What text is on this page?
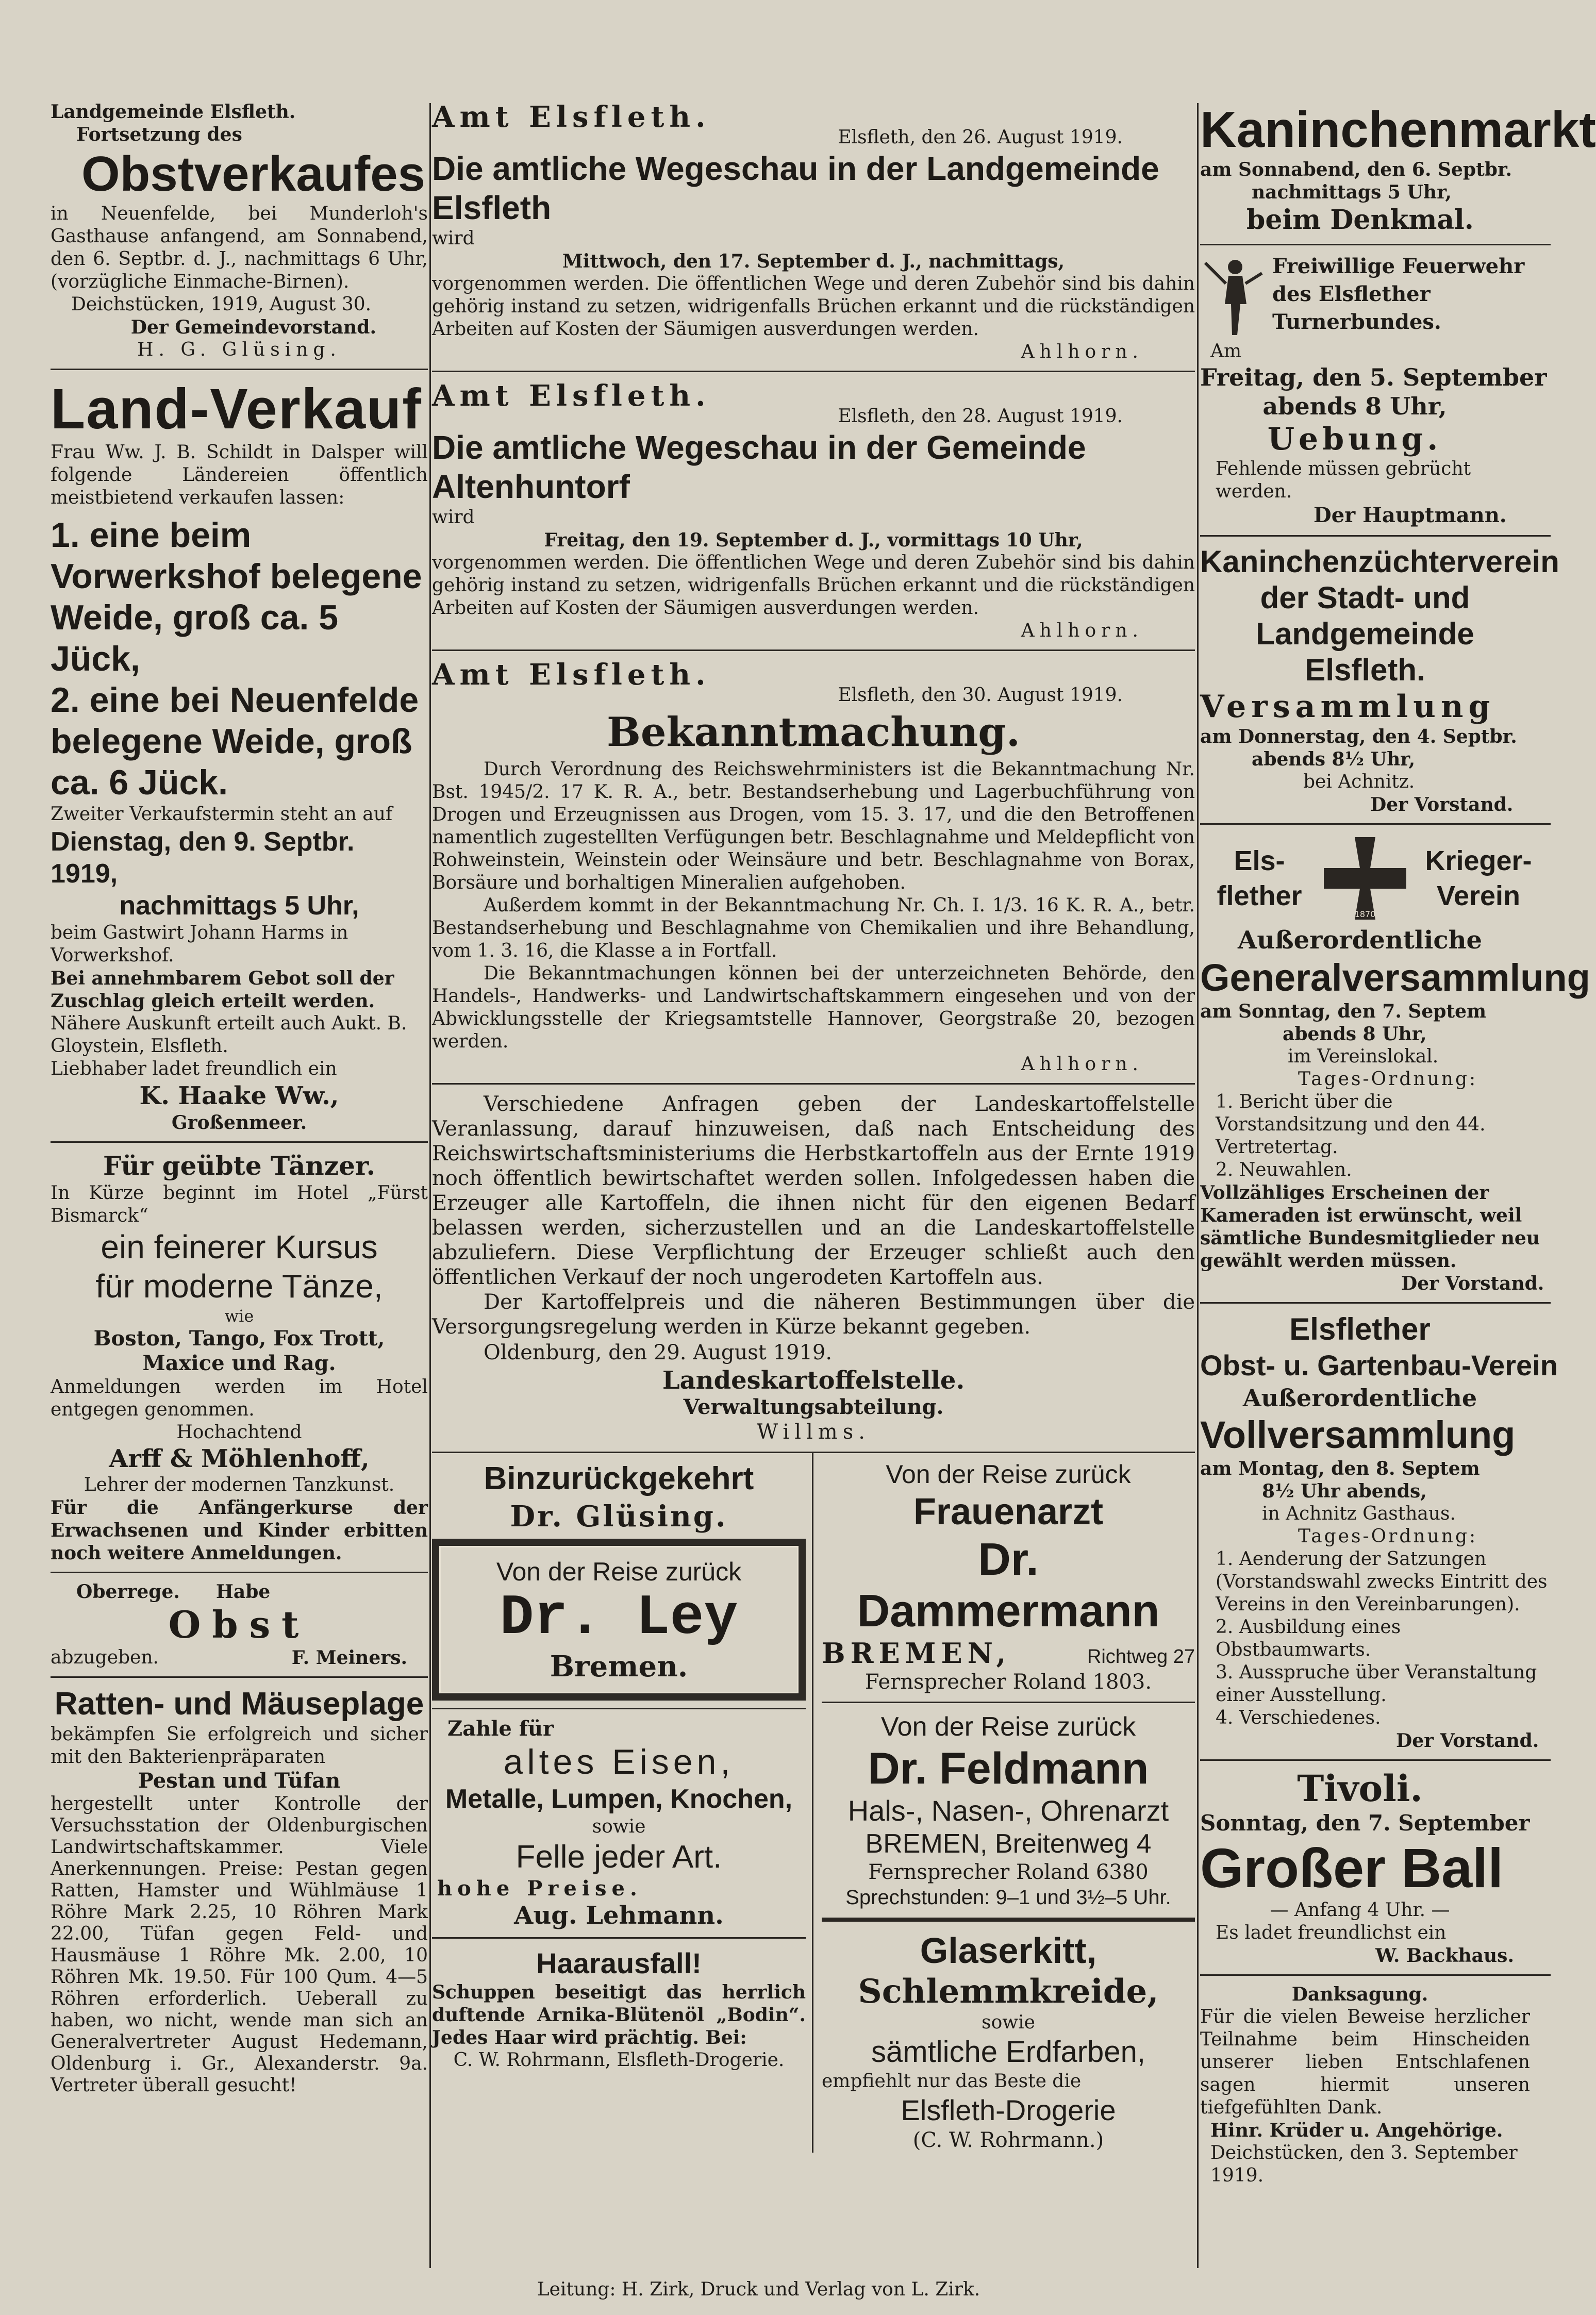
Landgemeinde Elsfleth.

Fortsetzung des

Obstverkaufes

in Neuenfelde, bei Munderloh's Gasthause anfangend, am Sonnabend, den 6. Septbr. d. J., nachmittags 6 Uhr, (vorzügliche Einmache-Birnen).

Deichstücken, 1919, August 30.

Der Gemeindevorstand.

H. G. Glüsing.

Land-Verkauf

Frau Ww. J. B. Schildt in Dalsper will folgende Ländereien öffentlich meistbietend verkaufen lassen:

1. eine beim Vorwerkshof belegene Weide, groß ca. 5 Jück,

2. eine bei Neuenfelde belegene Weide, groß ca. 6 Jück.

Zweiter Verkaufstermin steht an auf

Dienstag, den 9. Septbr. 1919,

nachmittags 5 Uhr,

beim Gastwirt Johann Harms in Vorwerkshof.

Bei annehmbarem Gebot soll der Zuschlag gleich erteilt werden.

Nähere Auskunft erteilt auch Aukt. B. Gloystein, Elsfleth.

Liebhaber ladet freundlich ein

K. Haake Ww.,

Großenmeer.

Für geübte Tänzer.

In Kürze beginnt im Hotel „Fürst Bismarck“

ein feinerer Kursus

für moderne Tänze,

wie

Boston, Tango, Fox Trott, Maxice und Rag.

Anmeldungen werden im Hotel entgegen genommen.

Hochachtend

Arff & Möhlenhoff,

Lehrer der modernen Tanzkunst.

Für die Anfängerkurse der Erwachsenen und Kinder erbitten noch weitere Anmeldungen.

Oberrege. Habe

Obst

abzugeben.	F. Meiners.

Ratten- und Mäuseplage

bekämpfen Sie erfolgreich und sicher mit den Bakterienpräparaten

Pestan und Tüfan

hergestellt unter Kontrolle der Versuchsstation der Oldenburgischen Landwirtschaftskammer. Viele Anerkennungen. Preise: Pestan gegen Ratten, Hamster und Wühlmäuse 1 Röhre Mark 2.25, 10 Röhren Mark 22.00, Tüfan gegen Feld- und Hausmäuse 1 Röhre Mk. 2.00, 10 Röhren Mk. 19.50. Für 100 Qum. 4—5 Röhren erforderlich. Ueberall zu haben, wo nicht, wende man sich an Generalvertreter August Hedemann, Oldenburg i. Gr., Alexanderstr. 9a. Vertreter überall gesucht!

Amt Elsfleth.

Elsfleth, den 26. August 1919.

Die amtliche Wegeschau in der Landgemeinde Elsfleth

wird

Mittwoch, den 17. September d. J., nachmittags,

vorgenommen werden. Die öffentlichen Wege und deren Zubehör sind bis dahin gehörig instand zu setzen, widrigenfalls Brüchen erkannt und die rückständigen Arbeiten auf Kosten der Säumigen ausverdungen werden.

Ahlhorn.

Amt Elsfleth.

Elsfleth, den 28. August 1919.

Die amtliche Wegeschau in der Gemeinde Altenhuntorf

wird

Freitag, den 19. September d. J., vormittags 10 Uhr,

vorgenommen werden. Die öffentlichen Wege und deren Zubehör sind bis dahin gehörig instand zu setzen, widrigenfalls Brüchen erkannt und die rückständigen Arbeiten auf Kosten der Säumigen ausverdungen werden.

Ahlhorn.

Amt Elsfleth.

Elsfleth, den 30. August 1919.

Bekanntmachung.

Durch Verordnung des Reichswehrministers ist die Bekanntmachung Nr. Bst. 1945/2. 17 K. R. A., betr. Bestandserhebung und Lagerbuchführung von Drogen und Erzeugnissen aus Drogen, vom 15. 3. 17, und die den Betroffenen namentlich zugestellten Verfügungen betr. Beschlagnahme und Meldepflicht von Rohweinstein, Weinstein oder Weinsäure und betr. Beschlagnahme von Borax, Borsäure und borhaltigen Mineralien aufgehoben.

Außerdem kommt in der Bekanntmachung Nr. Ch. I. 1/3. 16 K. R. A., betr. Bestandserhebung und Beschlagnahme von Chemikalien und ihre Behandlung, vom 1. 3. 16, die Klasse a in Fortfall.

Die Bekanntmachungen können bei der unterzeichneten Behörde, den Handels-, Handwerks- und Landwirtschaftskammern eingesehen und von der Abwicklungsstelle der Kriegsamtstelle Hannover, Georgstraße 20, bezogen werden.

Ahlhorn.

Verschiedene Anfragen geben der Landeskartoffelstelle Veranlassung, darauf hinzuweisen, daß nach Entscheidung des Reichswirtschaftsministeriums die Herbstkartoffeln aus der Ernte 1919 noch öffentlich bewirtschaftet werden sollen. Infolgedessen haben die Erzeuger alle Kartoffeln, die ihnen nicht für den eigenen Bedarf belassen werden, sicherzustellen und an die Landeskartoffelstelle abzuliefern. Diese Verpflichtung der Erzeuger schließt auch den öffentlichen Verkauf der noch ungerodeten Kartoffeln aus.

Der Kartoffelpreis und die näheren Bestimmungen über die Versorgungsregelung werden in Kürze bekannt gegeben.

Oldenburg, den 29. August 1919.

Landeskartoffelstelle.

Verwaltungsabteilung.

Willms.

Binzurückgekehrt

Dr. Glüsing.

Von der Reise zurück

Dr. Ley

Bremen.

Zahle für

altes Eisen,

Metalle, Lumpen, Knochen,

sowie

Felle jeder Art.

hohe Preise.

Aug. Lehmann.

Haarausfall!

Schuppen beseitigt das herrlich duftende Arnika-Blütenöl „Bodin“. Jedes Haar wird prächtig. Bei:

C. W. Rohrmann, Elsfleth-Drogerie.

Von der Reise zurück

Frauenarzt

Dr. Dammermann

BREMEN,	Richtweg 27

Fernsprecher Roland 1803.

Von der Reise zurück

Dr. Feldmann

Hals-, Nasen-, Ohrenarzt

BREMEN, Breitenweg 4

Fernsprecher Roland 6380

Sprechstunden: 9–1 und 3½–5 Uhr.

Glaserkitt,

Schlemmkreide,

sowie

sämtliche Erdfarben,

empfiehlt nur das Beste die

Elsfleth-Drogerie

(C. W. Rohrmann.)

Kaninchenmarkt

am Sonnabend, den 6. Septbr.

nachmittags 5 Uhr,

beim Denkmal.

Freiwillige Feuerwehr des Elsflether Turnerbundes.

Am

Freitag, den 5. September

abends 8 Uhr,

Uebung.

Fehlende müssen gebrücht werden.

Der Hauptmann.

Kaninchenzüchterverein der Stadt- und Landgemeinde Elsfleth.

Versammlung

am Donnerstag, den 4. Septbr.

abends 8½ Uhr,

bei Achnitz.

Der Vorstand.

Els-

flether

1870

Krieger-

Verein

Außerordentliche

Generalversammlung

am Sonntag, den 7. Septem

abends 8 Uhr,

im Vereinslokal.

Tages-Ordnung:

1. Bericht über die Vorstandsitzung und den 44. Vertretertag.

2. Neuwahlen.

Vollzähliges Erscheinen der Kameraden ist erwünscht, weil sämtliche Bundesmitglieder neu gewählt werden müssen.

Der Vorstand.

Elsflether

Obst- u. Gartenbau-Verein

Außerordentliche

Vollversammlung

am Montag, den 8. Septem

8½ Uhr abends,

in Achnitz Gasthaus.

Tages-Ordnung:

1. Aenderung der Satzungen (Vorstandswahl zwecks Eintritt des Vereins in den Vereinbarungen).

2. Ausbildung eines Obstbaumwarts.

3. Ausspruche über Veranstaltung einer Ausstellung.

4. Verschiedenes.

Der Vorstand.

Tivoli.

Sonntag, den 7. September

Großer Ball

— Anfang 4 Uhr. —

Es ladet freundlichst ein

W. Backhaus.

Danksagung.

Für die vielen Beweise herzlicher Teilnahme beim Hinscheiden unserer lieben Entschlafenen sagen hiermit unseren tiefgefühlten Dank.

Hinr. Krüder u. Angehörige.

Deichstücken, den 3. September 1919.

Leitung: H. Zirk, Druck und Verlag von L. Zirk.
